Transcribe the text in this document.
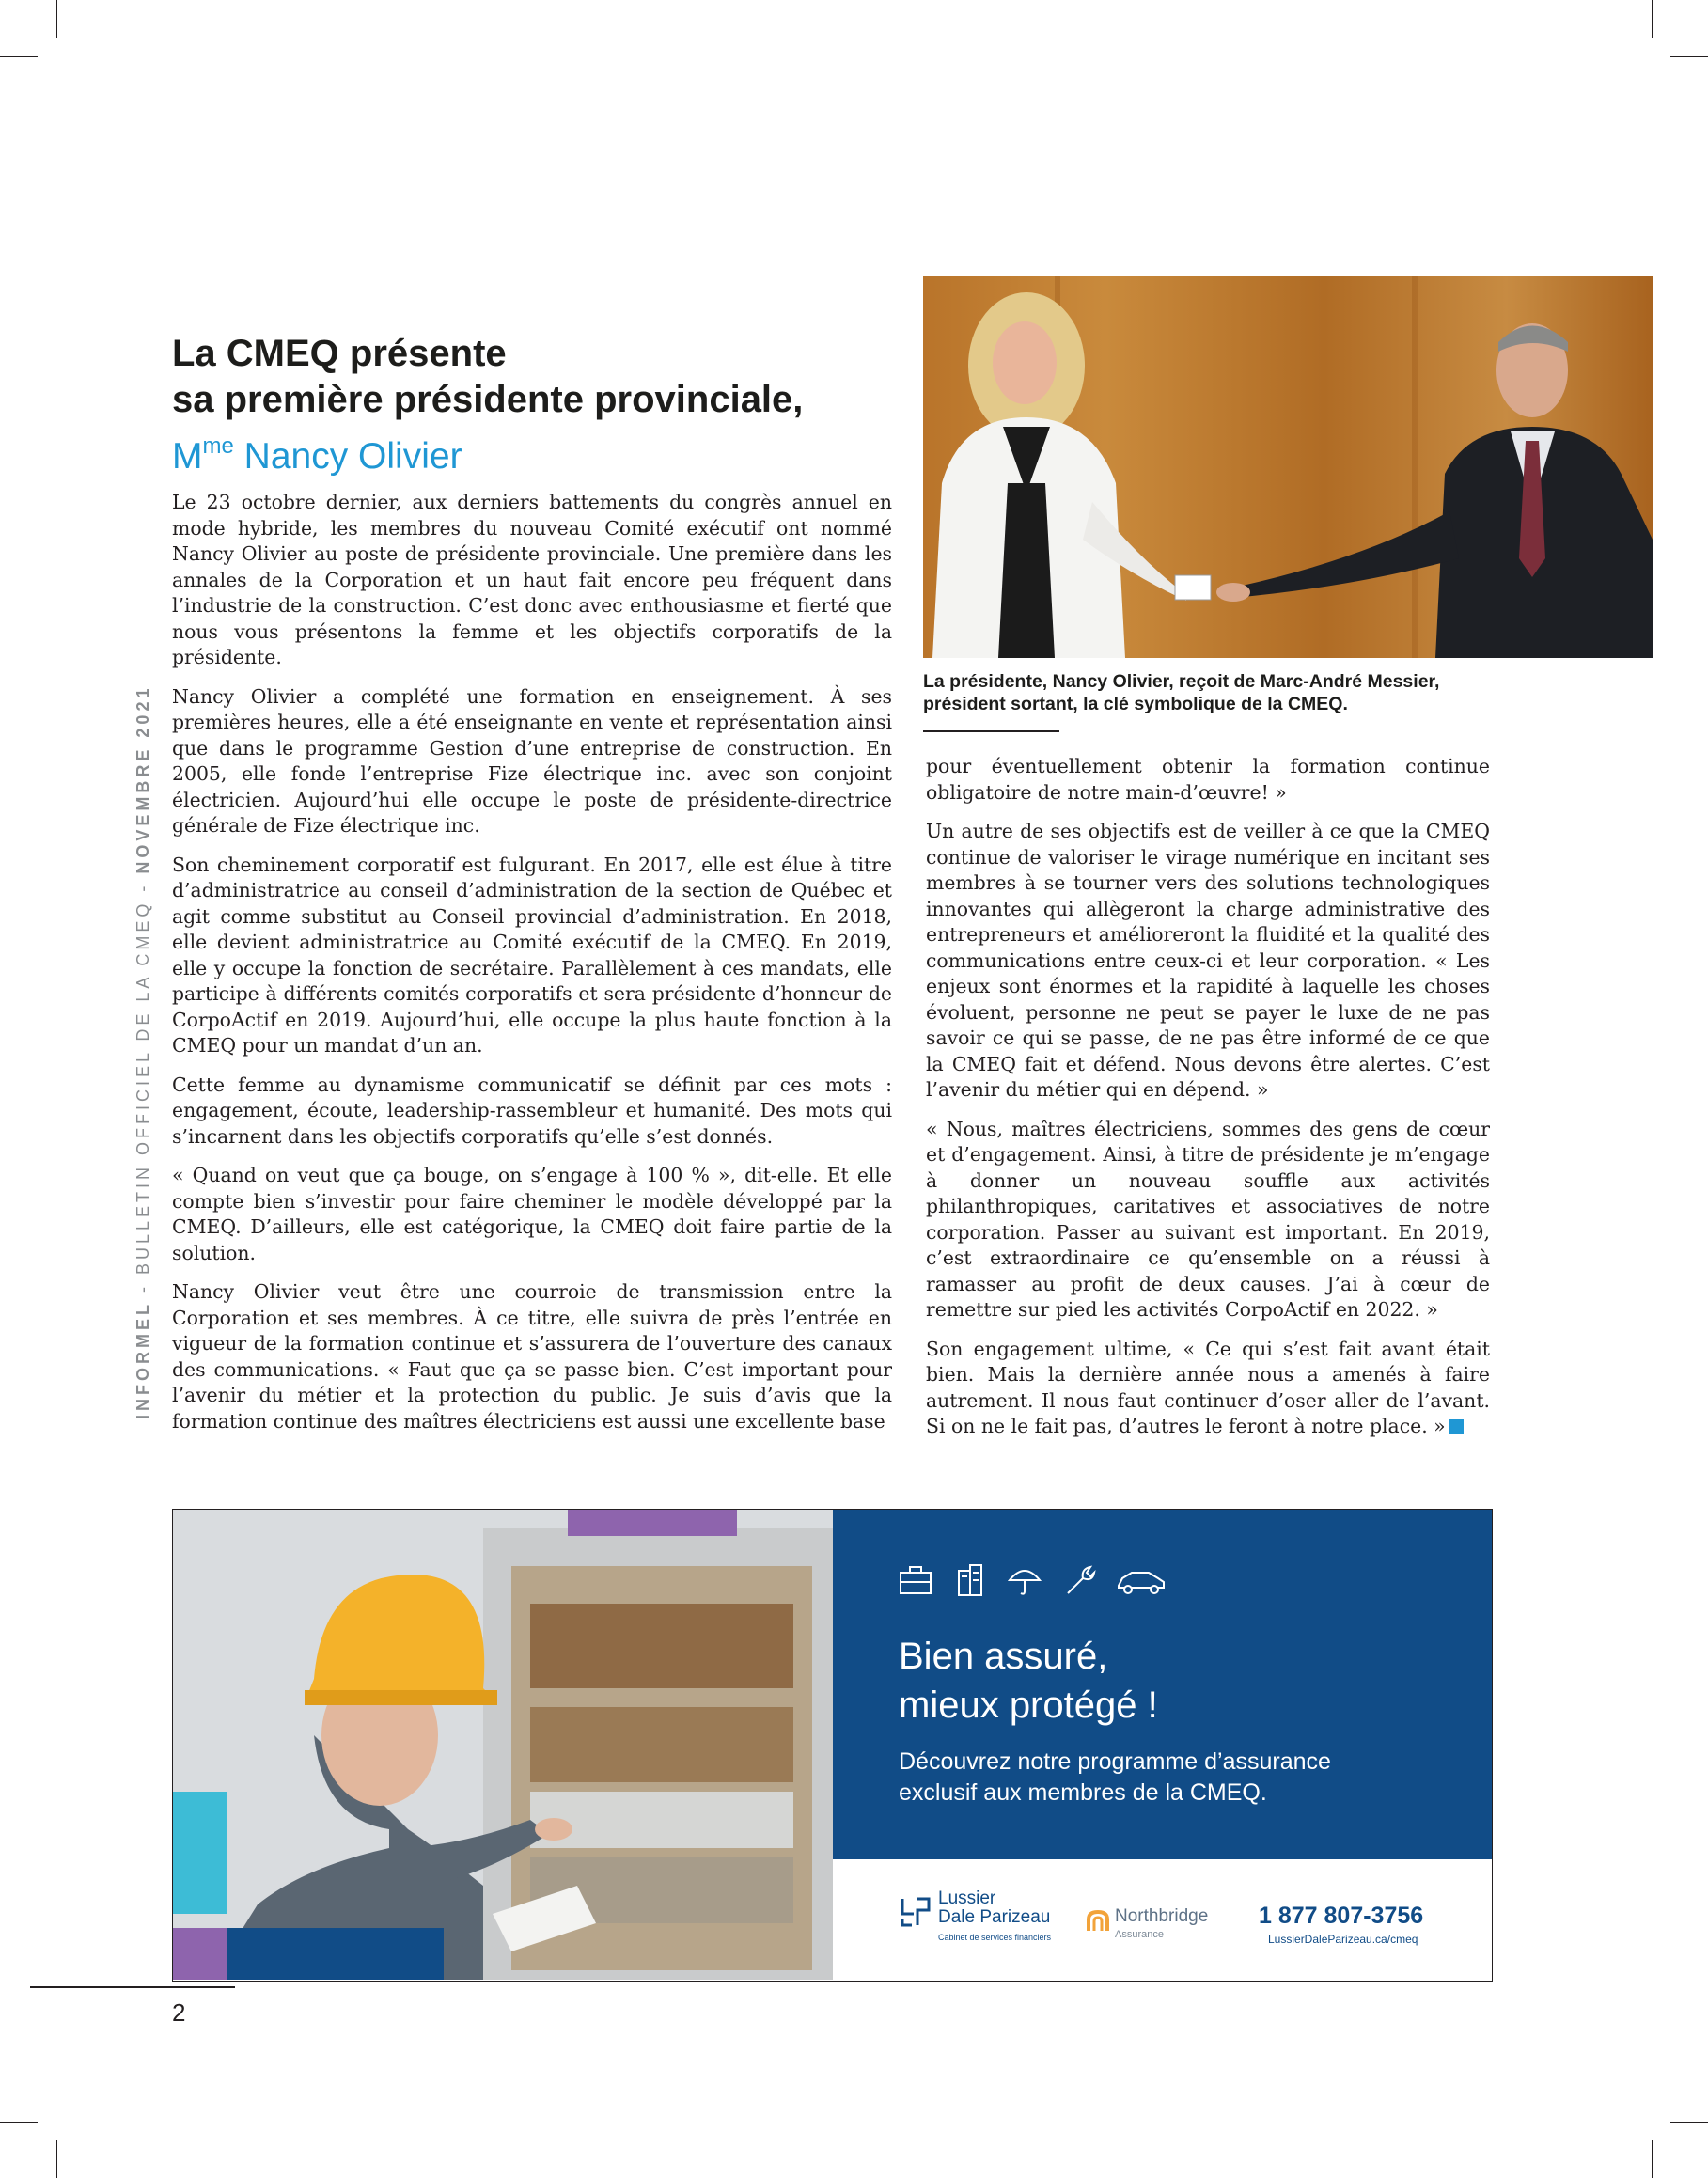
INFORMEL - BULLETIN OFFICIEL DE LA CMEQ - NOVEMBRE 2021
La CMEQ présente
sa première présidente provinciale,
$M^{me}$ Nancy Olivier

Le 23 octobre dernier, aux derniers battements du congrès annuel en mode hybride, les membres du nouveau Comité exécutif ont nommé Nancy Olivier au poste de présidente provinciale. Une première dans les annales de la Corporation et un haut fait encore peu fréquent dans l’industrie de la construction. C’est donc avec enthousiasme et fierté que nous vous présentons la femme et les objectifs corporatifs de la présidente.

Nancy Olivier a complété une formation en enseignement. À ses premières heures, elle a été enseignante en vente et représentation ainsi que dans le programme Gestion d’une entreprise de construction. En 2005, elle fonde l’entreprise Fize électrique inc. avec son conjoint électricien. Aujourd’hui elle occupe le poste de présidente-directrice générale de Fize électrique inc.

Son cheminement corporatif est fulgurant. En 2017, elle est élue à titre d’administratrice au conseil d’administration de la section de Québec et agit comme substitut au Conseil provincial d’administration. En 2018, elle devient administratrice au Comité exécutif de la CMEQ. En 2019, elle y occupe la fonction de secrétaire. Parallèlement à ces mandats, elle participe à différents comités corporatifs et sera présidente d’honneur de CorpoActif en 2019. Aujourd’hui, elle occupe la plus haute fonction à la CMEQ pour un mandat d’un an.

Cette femme au dynamisme communicatif se définit par ces mots : engagement, écoute, leadership-rassembleur et humanité. Des mots qui s’incarnent dans les objectifs corporatifs qu’elle s’est donnés.

« Quand on veut que ça bouge, on s’engage à 100 % », dit-elle. Et elle compte bien s’investir pour faire cheminer le modèle développé par la CMEQ. D’ailleurs, elle est catégorique, la CMEQ doit faire partie de la solution.

Nancy Olivier veut être une courroie de transmission entre la Corporation et ses membres. À ce titre, elle suivra de près l’entrée en vigueur de la formation continue et s’assurera de l’ouverture des canaux des communications. « Faut que ça se passe bien. C’est important pour l’avenir du métier et la protection du public. Je suis d’avis que la formation continue des maîtres électriciens est aussi une excellente base

La présidente, Nancy Olivier, reçoit de Marc-André Messier, président sortant, la clé symbolique de la CMEQ.

pour éventuellement obtenir la formation continue obligatoire de notre main-d’œuvre! »

Un autre de ses objectifs est de veiller à ce que la CMEQ continue de valoriser le virage numérique en incitant ses membres à se tourner vers des solutions technologiques innovantes qui allègeront la charge administrative des entrepreneurs et amélioreront la fluidité et la qualité des communications entre ceux-ci et leur corporation. « Les enjeux sont énormes et la rapidité à laquelle les choses évoluent, personne ne peut se payer le luxe de ne pas savoir ce qui se passe, de ne pas être informé de ce que la CMEQ fait et défend. Nous devons être alertes. C’est l’avenir du métier qui en dépend. »

« Nous, maîtres électriciens, sommes des gens de cœur et d’engagement. Ainsi, à titre de présidente je m’engage à donner un nouveau souffle aux activités philanthropiques, caritatives et associatives de notre corporation. Passer au suivant est important. En 2019, c’est extraordinaire ce qu’ensemble on a réussi à ramasser au profit de deux causes. J’ai à cœur de remettre sur pied les activités CorpoActif en 2022. »

Son engagement ultime, « Ce qui s’est fait avant était bien. Mais la dernière année nous a amenés à faire autrement. Il nous faut continuer d’oser aller de l’avant. Si on ne le fait pas, d’autres le feront à notre place. »

Bien assuré,
mieux protégé !
Découvrez notre programme d’assurance
exclusif aux membres de la CMEQ.
Lussier
Dale Parizeau
Cabinet de services financiers
Northbridge
Assurance
1 877 807-3756
LussierDaleParizeau.ca/cmeq
2
